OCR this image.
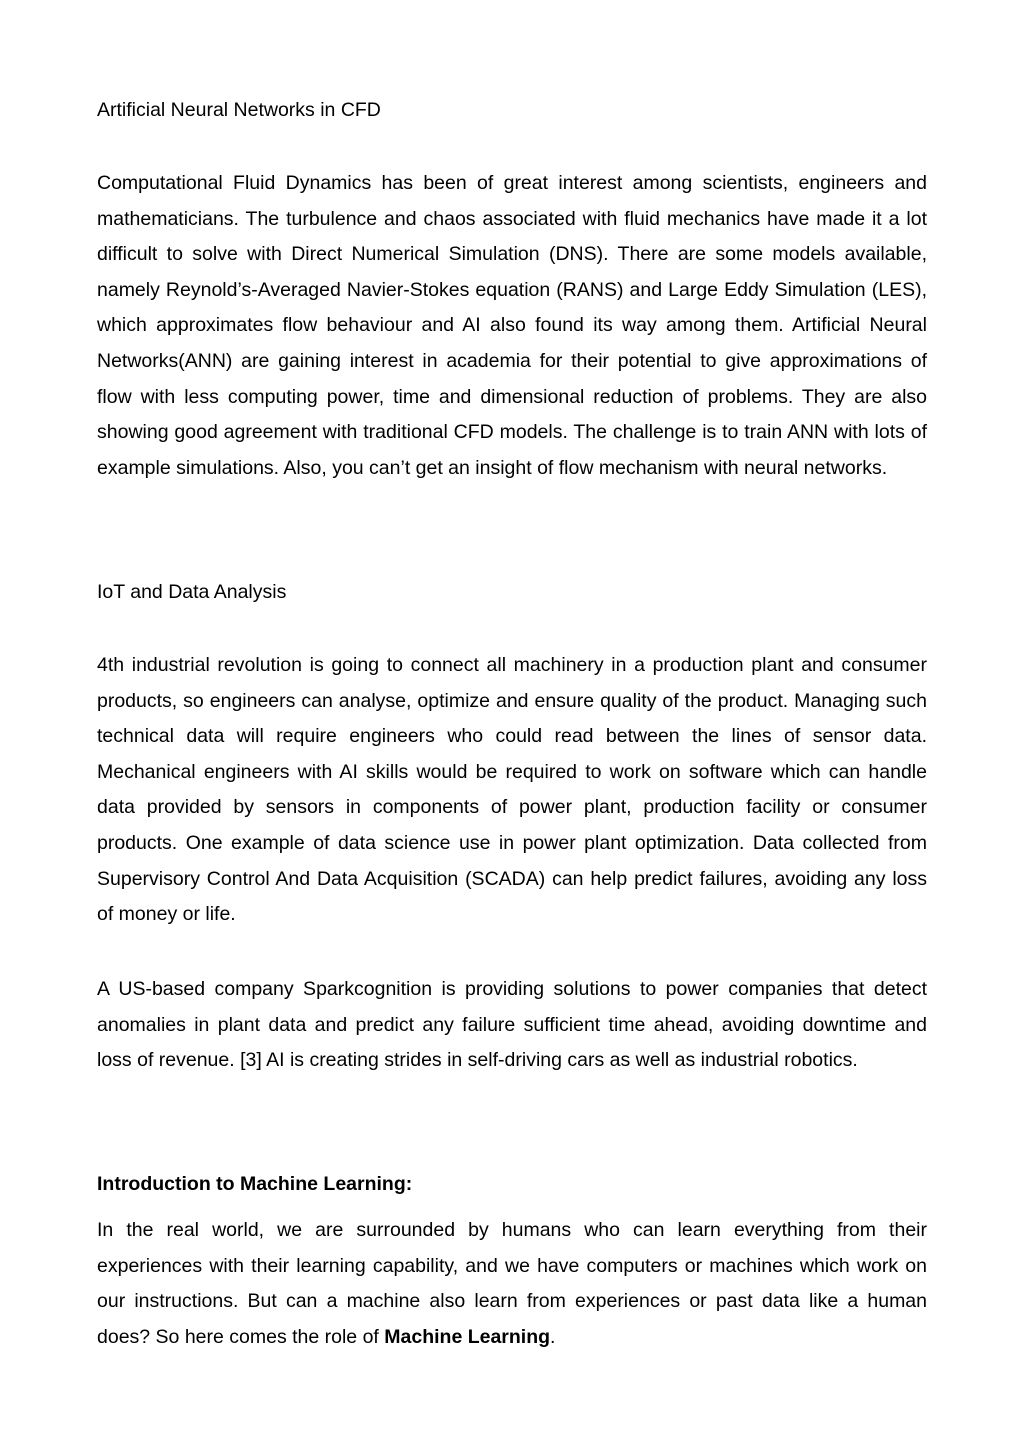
Artificial Neural Networks in CFD

Computational Fluid Dynamics has been of great interest among scientists, engineers and mathematicians. The turbulence and chaos associated with fluid mechanics have made it a lot difficult to solve with Direct Numerical Simulation (DNS). There are some models available, namely Reynold’s-Averaged Navier-Stokes equation (RANS) and Large Eddy Simulation (LES), which approximates flow behaviour and AI also found its way among them. Artificial Neural Networks(ANN) are gaining interest in academia for their potential to give approximations of flow with less computing power, time and dimensional reduction of problems. They are also showing good agreement with traditional CFD models. The challenge is to train ANN with lots of example simulations. Also, you can’t get an insight of flow mechanism with neural networks.

IoT and Data Analysis

4th industrial revolution is going to connect all machinery in a production plant and consumer products, so engineers can analyse, optimize and ensure quality of the product. Managing such technical data will require engineers who could read between the lines of sensor data. Mechanical engineers with AI skills would be required to work on software which can handle data provided by sensors in components of power plant, production facility or consumer products. One example of data science use in power plant optimization. Data collected from Supervisory Control And Data Acquisition (SCADA) can help predict failures, avoiding any loss of money or life.

A US-based company Sparkcognition is providing solutions to power companies that detect anomalies in plant data and predict any failure sufficient time ahead, avoiding downtime and loss of revenue. [3] AI is creating strides in self-driving cars as well as industrial robotics.

Introduction to Machine Learning:

In the real world, we are surrounded by humans who can learn everything from their experiences with their learning capability, and we have computers or machines which work on our instructions. But can a machine also learn from experiences or past data like a human does? So here comes the role of Machine Learning.
